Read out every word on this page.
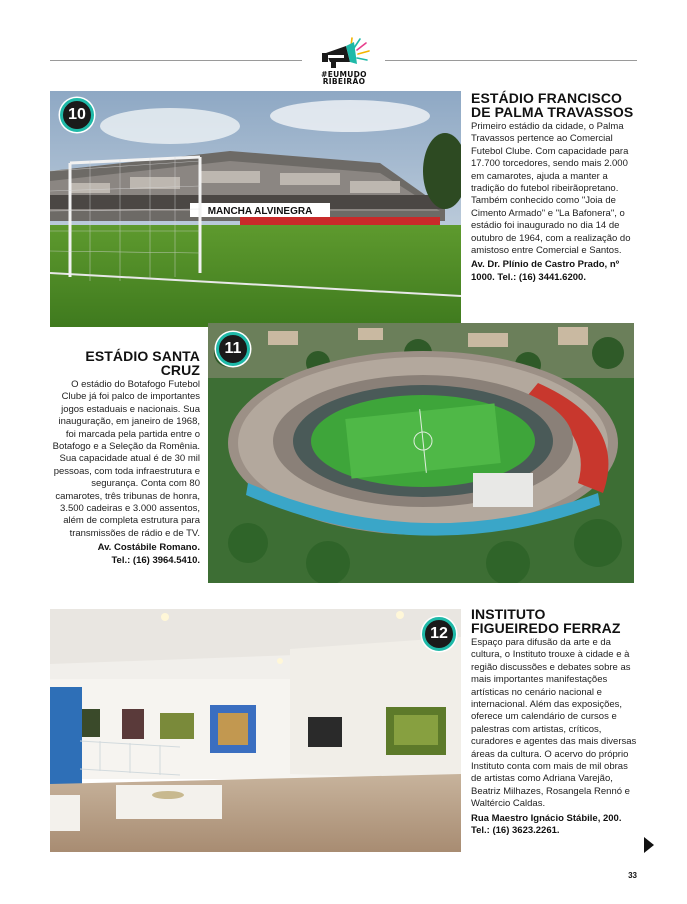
#EUMUDO
RIBEIRÃO
MANCHA ALVINEGRA
10
ESTÁDIO FRANCISCO
DE PALMA TRAVASSOS

Primeiro estádio da cidade, o Palma Travassos pertence ao Comercial Futebol Clube. Com capacidade para 17.700 torcedores, sendo mais 2.000 em camarotes, ajuda a manter a tradição do futebol ribeirãopretano. Também conhecido como "Joia de Cimento Armado" e "La Bafonera", o estádio foi inaugurado no dia 14 de outubro de 1964, com a realização do amistoso entre Comercial e Santos.

Av. Dr. Plínio de Castro Prado, nº 1000. Tel.: (16) 3441.6200.

11
ESTÁDIO SANTA CRUZ

O estádio do Botafogo Futebol Clube já foi palco de importantes jogos estaduais e nacionais. Sua inauguração, em janeiro de 1968, foi marcada pela partida entre o Botafogo e a Seleção da Romênia. Sua capacidade atual é de 30 mil pessoas, com toda infraestrutura e segurança. Conta com 80 camarotes, três tribunas de honra, 3.500 cadeiras e 3.000 assentos, além de completa estrutura para transmissões de rádio e de TV.

Av. Costábile Romano.
Tel.: (16) 3964.5410.

12
INSTITUTO
FIGUEIREDO FERRAZ

Espaço para difusão da arte e da cultura, o Instituto trouxe à cidade e à região discussões e debates sobre as mais importantes manifestações artísticas no cenário nacional e internacional. Além das exposições, oferece um calendário de cursos e palestras com artistas, críticos, curadores e agentes das mais diversas áreas da cultura. O acervo do próprio Instituto conta com mais de mil obras de artistas como Adriana Varejão, Beatriz Milhazes, Rosangela Rennó e Waltércio Caldas.

Rua Maestro Ignácio Stábile, 200.
Tel.: (16) 3623.2261.

33
